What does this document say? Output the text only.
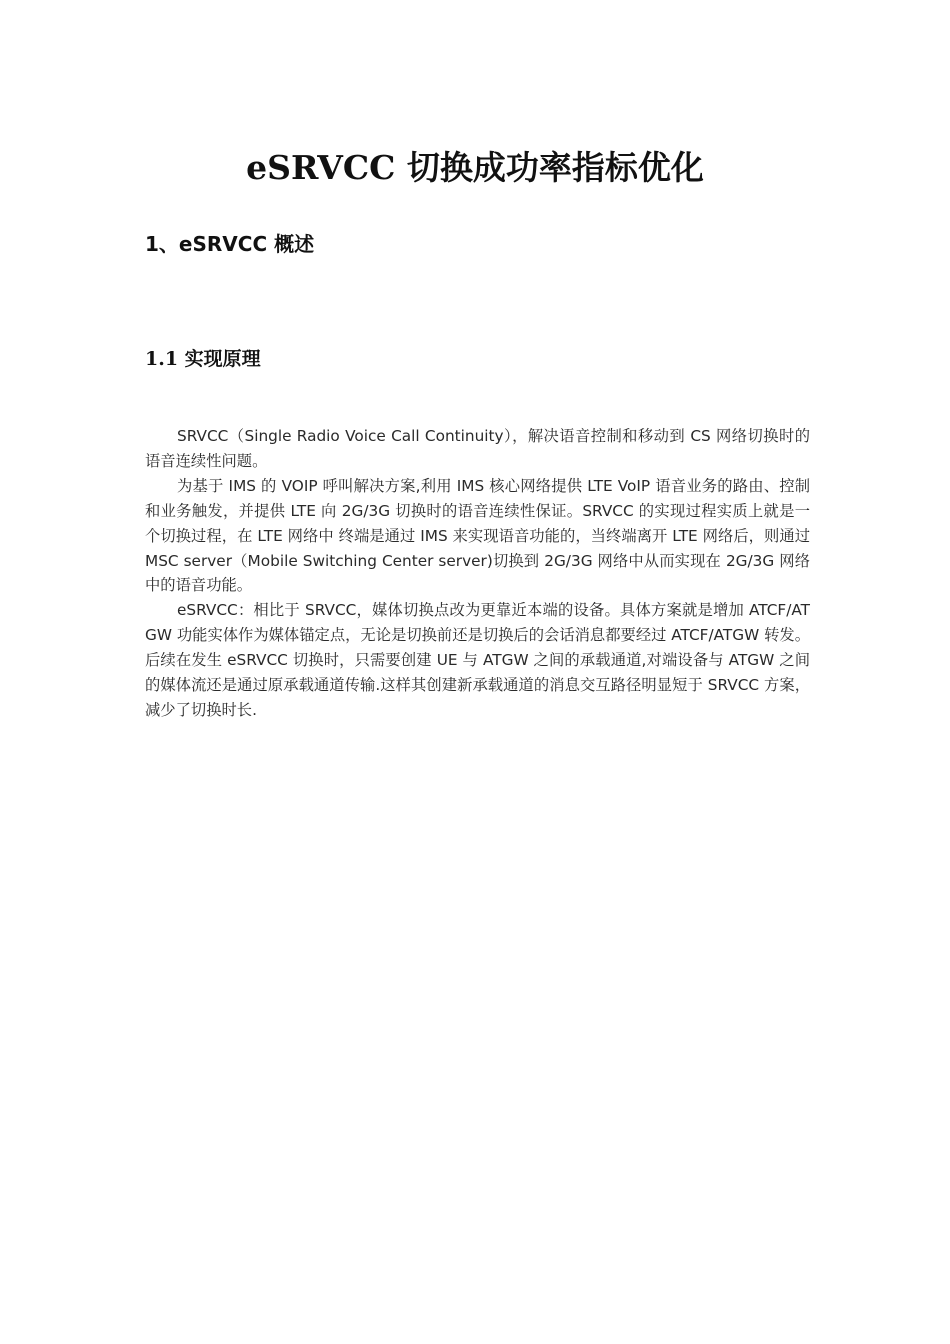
eSRVCC 切换成功率指标优化
1、eSRVCC 概述
1.1 实现原理

SRVCC（Single Radio Voice Call Continuity），解决语音控制和移动到 CS 网络切换时的语音连续性问题。

为基于 IMS 的 VOIP 呼叫解决方案,利用 IMS 核心网络提供 LTE VoIP 语音业务的路由、控制和业务触发，并提供 LTE 向 2G/3G 切换时的语音连续性保证。SRVCC 的实现过程实质上就是一个切换过程，在 LTE 网络中 终端是通过 IMS 来实现语音功能的，当终端离开 LTE 网络后，则通过 MSC server（Mobile Switching Center server)切换到 2G/3G 网络中从而实现在 2G/3G 网络中的语音功能。

eSRVCC：相比于 SRVCC，媒体切换点改为更靠近本端的设备。具体方案就是增加 ATCF/ATGW 功能实体作为媒体锚定点，无论是切换前还是切换后的会话消息都要经过 ATCF/ATGW 转发。后续在发生 eSRVCC 切换时，只需要创建 UE 与 ATGW 之间的承载通道,对端设备与 ATGW 之间的媒体流还是通过原承载通道传输.这样其创建新承载通道的消息交互路径明显短于 SRVCC 方案，减少了切换时长.
